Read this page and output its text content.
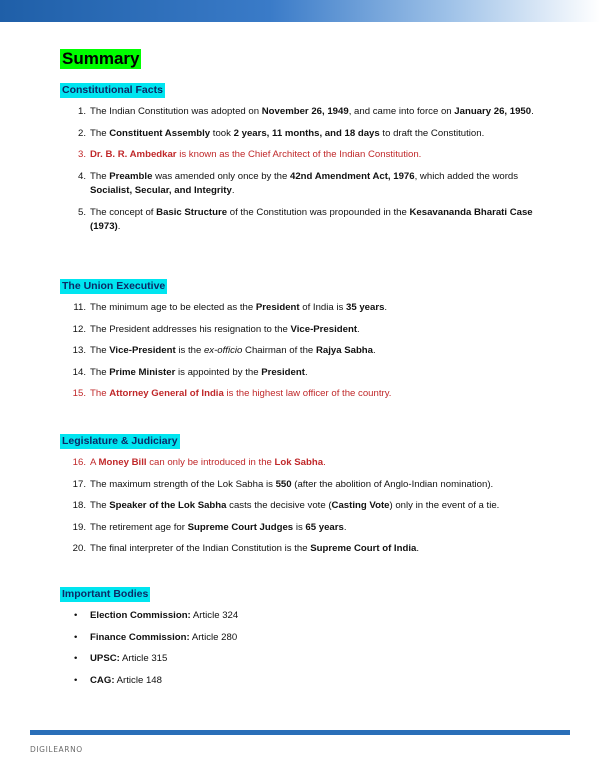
Summary
Constitutional Facts
1. The Indian Constitution was adopted on November 26, 1949, and came into force on January 26, 1950.
2. The Constituent Assembly took 2 years, 11 months, and 18 days to draft the Constitution.
3. Dr. B. R. Ambedkar is known as the Chief Architect of the Indian Constitution.
4. The Preamble was amended only once by the 42nd Amendment Act, 1976, which added the words Socialist, Secular, and Integrity.
5. The concept of Basic Structure of the Constitution was propounded in the Kesavananda Bharati Case (1973).
The Union Executive
11. The minimum age to be elected as the President of India is 35 years.
12. The President addresses his resignation to the Vice-President.
13. The Vice-President is the ex-officio Chairman of the Rajya Sabha.
14. The Prime Minister is appointed by the President.
15. The Attorney General of India is the highest law officer of the country.
Legislature & Judiciary
16. A Money Bill can only be introduced in the Lok Sabha.
17. The maximum strength of the Lok Sabha is 550 (after the abolition of Anglo-Indian nomination).
18. The Speaker of the Lok Sabha casts the decisive vote (Casting Vote) only in the event of a tie.
19. The retirement age for Supreme Court Judges is 65 years.
20. The final interpreter of the Indian Constitution is the Supreme Court of India.
Important Bodies
• Election Commission: Article 324
• Finance Commission: Article 280
• UPSC: Article 315
• CAG: Article 148
DIGILEARNO
